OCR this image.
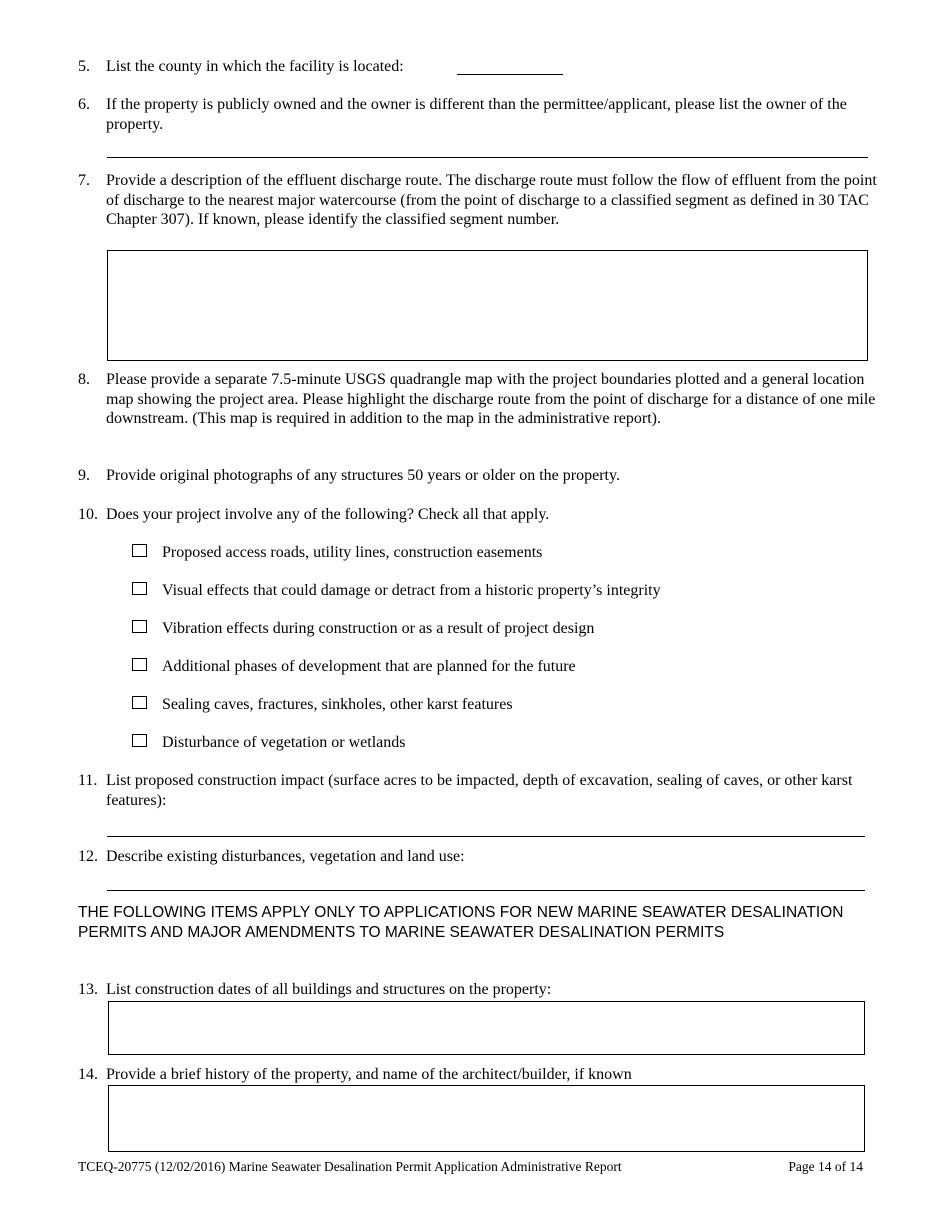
5. List the county in which the facility is located:
6. If the property is publicly owned and the owner is different than the permittee/applicant, please list the owner of the property.
7. Provide a description of the effluent discharge route. The discharge route must follow the flow of effluent from the point of discharge to the nearest major watercourse (from the point of discharge to a classified segment as defined in 30 TAC Chapter 307). If known, please identify the classified segment number.
8. Please provide a separate 7.5-minute USGS quadrangle map with the project boundaries plotted and a general location map showing the project area. Please highlight the discharge route from the point of discharge for a distance of one mile downstream. (This map is required in addition to the map in the administrative report).
9. Provide original photographs of any structures 50 years or older on the property.
10. Does your project involve any of the following? Check all that apply.
Proposed access roads, utility lines, construction easements
Visual effects that could damage or detract from a historic property’s integrity
Vibration effects during construction or as a result of project design
Additional phases of development that are planned for the future
Sealing caves, fractures, sinkholes, other karst features
Disturbance of vegetation or wetlands
11. List proposed construction impact (surface acres to be impacted, depth of excavation, sealing of caves, or other karst features):
12. Describe existing disturbances, vegetation and land use:
THE FOLLOWING ITEMS APPLY ONLY TO APPLICATIONS FOR NEW MARINE SEAWATER DESALINATION PERMITS AND MAJOR AMENDMENTS TO MARINE SEAWATER DESALINATION PERMITS
13. List construction dates of all buildings and structures on the property:
14. Provide a brief history of the property, and name of the architect/builder, if known
TCEQ-20775 (12/02/2016) Marine Seawater Desalination Permit Application Administrative Report	Page 14 of 14
